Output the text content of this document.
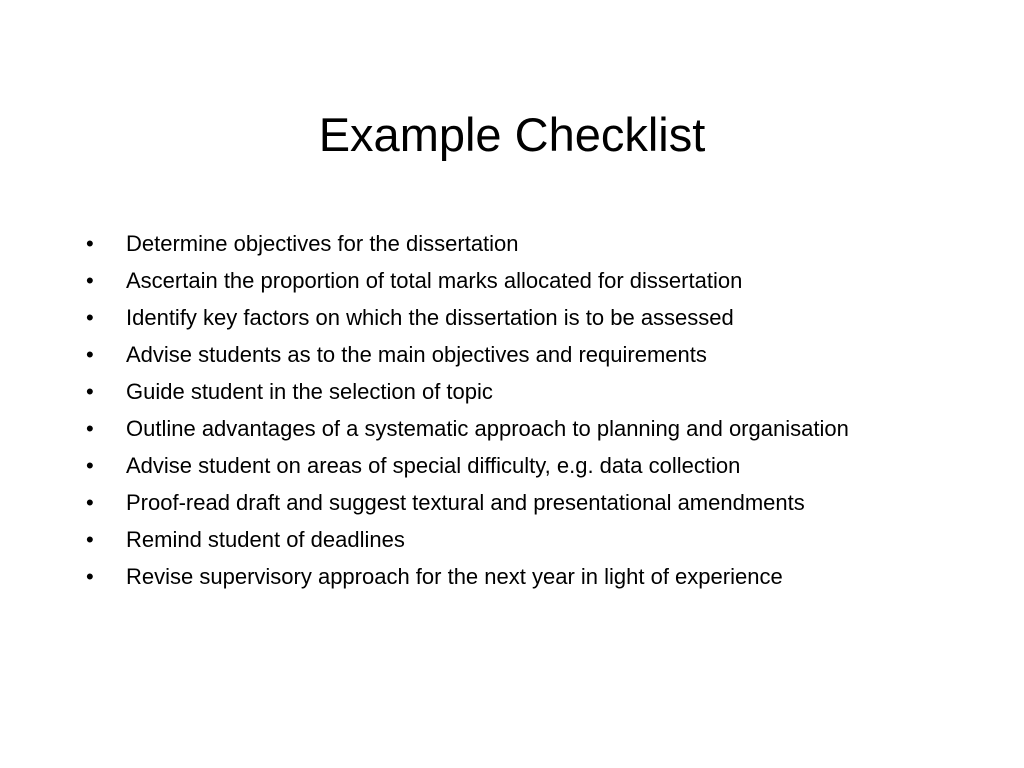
Example Checklist
•	Determine objectives for the dissertation
•	Ascertain the proportion of total marks allocated for dissertation
•	Identify key factors on which the dissertation is to be assessed
•	Advise students as to the main objectives and requirements
•	Guide student in the selection of topic
•	Outline advantages of a systematic approach to planning and organisation
•	Advise student on areas of special difficulty, e.g. data collection
•	Proof-read draft and suggest textural and presentational amendments
•	Remind student of deadlines
•	Revise supervisory approach for the next year in light of experience
